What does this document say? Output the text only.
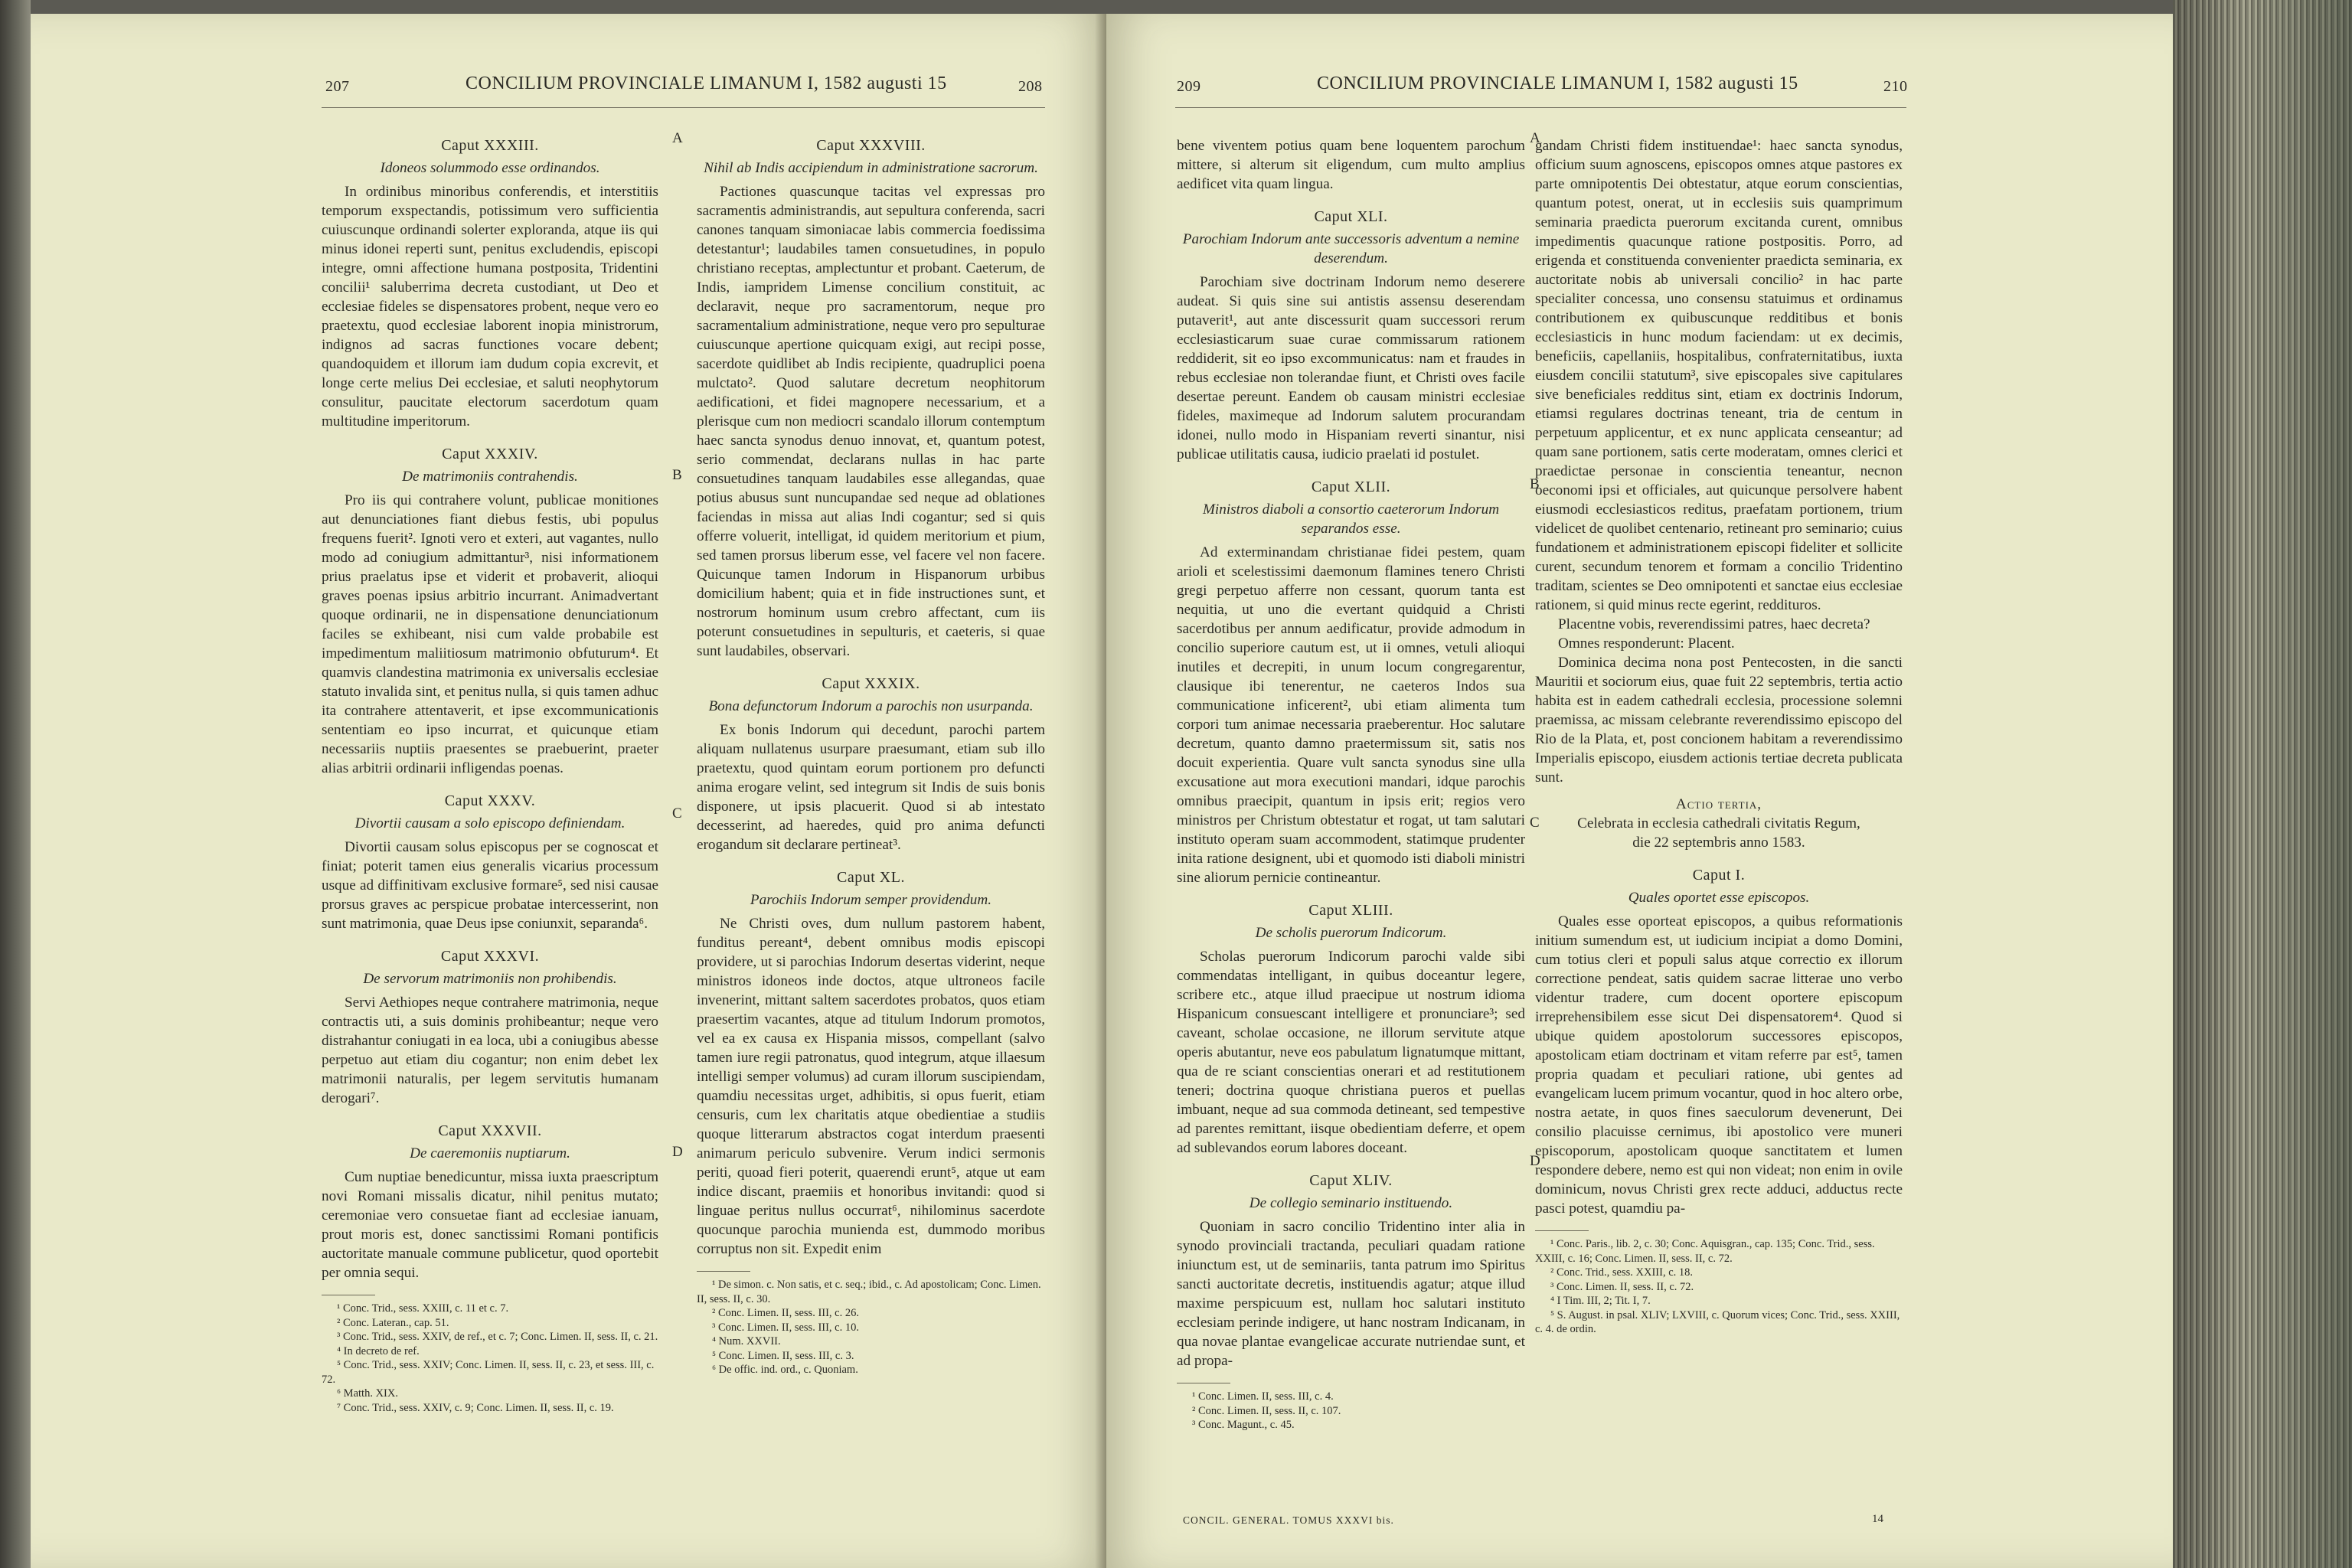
207	CONCILIUM PROVINCIALE LIMANUM I, 1582 augusti 15	208
A
B
C
D
Caput XXXIII.
Idoneos solummodo esse ordinandos.

In ordinibus minoribus conferendis, et interstitiis temporum exspectandis, potissimum vero sufficientia cuiuscunque ordinandi solerter exploranda, atque iis qui minus idonei reperti sunt, penitus excludendis, episcopi integre, omni affectione humana postposita, Tridentini concilii¹ saluberrima decreta custodiant, ut Deo et ecclesiae fideles se dispensatores probent, neque vero eo praetextu, quod ecclesiae laborent inopia ministrorum, indignos ad sacras functiones vocare debent; quandoquidem et illorum iam dudum copia excrevit, et longe certe melius Dei ecclesiae, et saluti neophytorum consulitur, paucitate electorum sacerdotum quam multitudine imperitorum.

Caput XXXIV.
De matrimoniis contrahendis.

Pro iis qui contrahere volunt, publicae monitiones aut denunciationes fiant diebus festis, ubi populus frequens fuerit². Ignoti vero et exteri, aut vagantes, nullo modo ad coniugium admittantur³, nisi informationem prius praelatus ipse et viderit et probaverit, alioqui graves poenas ipsius arbitrio incurrant. Animadvertant quoque ordinarii, ne in dispensatione denunciationum faciles se exhibeant, nisi cum valde probabile est impedimentum maliitiosum matrimonio obfuturum⁴. Et quamvis clandestina matrimonia ex universalis ecclesiae statuto invalida sint, et penitus nulla, si quis tamen adhuc ita contrahere attentaverit, et ipse excommunicationis sententiam eo ipso incurrat, et quicunque etiam necessariis nuptiis praesentes se praebuerint, praeter alias arbitrii ordinarii infligendas poenas.

Caput XXXV.
Divortii causam a solo episcopo definiendam.

Divortii causam solus episcopus per se cognoscat et finiat; poterit tamen eius generalis vicarius processum usque ad diffinitivam exclusive formare⁵, sed nisi causae prorsus graves ac perspicue probatae intercesserint, non sunt matrimonia, quae Deus ipse coniunxit, separanda⁶.

Caput XXXVI.
De servorum matrimoniis non prohibendis.

Servi Aethiopes neque contrahere matrimonia, neque contractis uti, a suis dominis prohibeantur; neque vero distrahantur coniugati in ea loca, ubi a coniugibus abesse perpetuo aut etiam diu cogantur; non enim debet lex matrimonii naturalis, per legem servitutis humanam derogari⁷.

Caput XXXVII.
De caeremoniis nuptiarum.

Cum nuptiae benedicuntur, missa iuxta praescriptum novi Romani missalis dicatur, nihil penitus mutato; ceremoniae vero consuetae fiant ad ecclesiae ianuam, prout moris est, donec sanctissimi Romani pontificis auctoritate manuale commune publicetur, quod oportebit per omnia sequi.

¹ Conc. Trid., sess. XXIII, c. 11 et c. 7.

² Conc. Lateran., cap. 51.

³ Conc. Trid., sess. XXIV, de ref., et c. 7; Conc. Limen. II, sess. II, c. 21.

⁴ In decreto de ref.

⁵ Conc. Trid., sess. XXIV; Conc. Limen. II, sess. II, c. 23, et sess. III, c. 72.

⁶ Matth. XIX.

⁷ Conc. Trid., sess. XXIV, c. 9; Conc. Limen. II, sess. II, c. 19.

Caput XXXVIII.
Nihil ab Indis accipiendum in administratione sacrorum.

Pactiones quascunque tacitas vel expressas pro sacramentis administrandis, aut sepultura conferenda, sacri canones tanquam simoniacae labis commercia foedissima detestantur¹; laudabiles tamen consuetudines, in populo christiano receptas, amplectuntur et probant. Caeterum, de Indis, iampridem Limense concilium constituit, ac declaravit, neque pro sacramentorum, neque pro sacramentalium administratione, neque vero pro sepulturae cuiuscunque apertione quicquam exigi, aut recipi posse, sacerdote quidlibet ab Indis recipiente, quadruplici poena mulctato². Quod salutare decretum neophitorum aedificationi, et fidei magnopere necessarium, et a plerisque cum non mediocri scandalo illorum contemptum haec sancta synodus denuo innovat, et, quantum potest, serio commendat, declarans nullas in hac parte consuetudines tanquam laudabiles esse allegandas, quae potius abusus sunt nuncupandae sed neque ad oblationes faciendas in missa aut alias Indi cogantur; sed si quis offerre voluerit, intelligat, id quidem meritorium et pium, sed tamen prorsus liberum esse, vel facere vel non facere. Quicunque tamen Indorum in Hispanorum urbibus domicilium habent; quia et in fide instructiones sunt, et nostrorum hominum usum crebro affectant, cum iis poterunt consuetudines in sepulturis, et caeteris, si quae sunt laudabiles, observari.

Caput XXXIX.
Bona defunctorum Indorum a parochis non usurpanda.

Ex bonis Indorum qui decedunt, parochi partem aliquam nullatenus usurpare praesumant, etiam sub illo praetextu, quod quintam eorum portionem pro defuncti anima erogare velint, sed integrum sit Indis de suis bonis disponere, ut ipsis placuerit. Quod si ab intestato decesserint, ad haeredes, quid pro anima defuncti erogandum sit declarare pertineat³.

Caput XL.
Parochiis Indorum semper providendum.

Ne Christi oves, dum nullum pastorem habent, funditus pereant⁴, debent omnibus modis episcopi providere, ut si parochias Indorum desertas viderint, neque ministros idoneos inde doctos, atque ultroneos facile invenerint, mittant saltem sacerdotes probatos, quos etiam praesertim vacantes, atque ad titulum Indorum promotos, vel ea ex causa ex Hispania missos, compellant (salvo tamen iure regii patronatus, quod integrum, atque illaesum intelligi semper volumus) ad curam illorum suscipiendam, quamdiu necessitas urget, adhibitis, si opus fuerit, etiam censuris, cum lex charitatis atque obedientiae a studiis quoque litterarum abstractos cogat interdum praesenti animarum periculo subvenire. Verum indici sermonis periti, quoad fieri poterit, quaerendi erunt⁵, atque ut eam indice discant, praemiis et honoribus invitandi: quod si linguae peritus nullus occurrat⁶, nihilominus sacerdote quocunque parochia munienda est, dummodo moribus corruptus non sit. Expedit enim

¹ De simon. c. Non satis, et c. seq.; ibid., c. Ad apostolicam; Conc. Limen. II, sess. II, c. 30.

² Conc. Limen. II, sess. III, c. 26.

³ Conc. Limen. II, sess. III, c. 10.

⁴ Num. XXVII.

⁵ Conc. Limen. II, sess. III, c. 3.

⁶ De offic. ind. ord., c. Quoniam.

209	CONCILIUM PROVINCIALE LIMANUM I, 1582 augusti 15	210
A
B
C
D

bene viventem potius quam bene loquentem parochum mittere, si alterum sit eligendum, cum multo amplius aedificet vita quam lingua.

Caput XLI.
Parochiam Indorum ante successoris adventum a nemine deserendum.

Parochiam sive doctrinam Indorum nemo deserere audeat. Si quis sine sui antistis assensu deserendam putaverit¹, aut ante discessurit quam successori rerum ecclesiasticarum suae curae commissarum rationem reddiderit, sit eo ipso excommunicatus: nam et fraudes in rebus ecclesiae non tolerandae fiunt, et Christi oves facile desertae pereunt. Eandem ob causam ministri ecclesiae fideles, maximeque ad Indorum salutem procurandam idonei, nullo modo in Hispaniam reverti sinantur, nisi publicae utilitatis causa, iudicio praelati id postulet.

Caput XLII.
Ministros diaboli a consortio caeterorum Indorum separandos esse.

Ad exterminandam christianae fidei pestem, quam arioli et scelestissimi daemonum flamines tenero Christi gregi perpetuo afferre non cessant, quorum tanta est nequitia, ut uno die evertant quidquid a Christi sacerdotibus per annum aedificatur, provide admodum in concilio superiore cautum est, ut ii omnes, vetuli alioqui inutiles et decrepiti, in unum locum congregarentur, clausique ibi tenerentur, ne caeteros Indos sua communicatione inficerent², ubi etiam alimenta tum corpori tum animae necessaria praeberentur. Hoc salutare decretum, quanto damno praetermissum sit, satis nos docuit experientia. Quare vult sancta synodus sine ulla excusatione aut mora executioni mandari, idque parochis omnibus praecipit, quantum in ipsis erit; regios vero ministros per Christum obtestatur et rogat, ut tam salutari instituto operam suam accommodent, statimque prudenter inita ratione designent, ubi et quomodo isti diaboli ministri sine aliorum pernicie contineantur.

Caput XLIII.
De scholis puerorum Indicorum.

Scholas puerorum Indicorum parochi valde sibi commendatas intelligant, in quibus doceantur legere, scribere etc., atque illud praecipue ut nostrum idioma Hispanicum consuescant intelligere et pronunciare³; sed caveant, scholae occasione, ne illorum servitute atque operis abutantur, neve eos pabulatum lignatumque mittant, qua de re sciant conscientias onerari et ad restitutionem teneri; doctrina quoque christiana pueros et puellas imbuant, neque ad sua commoda detineant, sed tempestive ad parentes remittant, iisque obedientiam deferre, et opem ad sublevandos eorum labores doceant.

Caput XLIV.
De collegio seminario instituendo.

Quoniam in sacro concilio Tridentino inter alia in synodo provinciali tractanda, peculiari quadam ratione iniunctum est, ut de seminariis, tanta patrum imo Spiritus sancti auctoritate decretis, instituendis agatur; atque illud maxime perspicuum est, nullam hoc salutari instituto ecclesiam perinde indigere, ut hanc nostram Indicanam, in qua novae plantae evangelicae accurate nutriendae sunt, et ad propa-

¹ Conc. Limen. II, sess. III, c. 4.

² Conc. Limen. II, sess. II, c. 107.

³ Conc. Magunt., c. 45.

CONCIL. GENERAL. TOMUS XXXVI bis.

gandam Christi fidem instituendae¹: haec sancta synodus, officium suum agnoscens, episcopos omnes atque pastores ex parte omnipotentis Dei obtestatur, atque eorum conscientias, quantum potest, onerat, ut in ecclesiis suis quamprimum seminaria praedicta puerorum excitanda curent, omnibus impedimentis quacunque ratione postpositis. Porro, ad erigenda et constituenda convenienter praedicta seminaria, ex auctoritate nobis ab universali concilio² in hac parte specialiter concessa, uno consensu statuimus et ordinamus contributionem ex quibuscunque redditibus et bonis ecclesiasticis in hunc modum faciendam: ut ex decimis, beneficiis, capellaniis, hospitalibus, confraternitatibus, iuxta eiusdem concilii statutum³, sive episcopales sive capitulares sive beneficiales redditus sint, etiam ex doctrinis Indorum, etiamsi regulares doctrinas teneant, tria de centum in perpetuum applicentur, et ex nunc applicata censeantur; ad quam sane portionem, satis certe moderatam, omnes clerici et praedictae personae in conscientia teneantur, necnon oeconomi ipsi et officiales, aut quicunque persolvere habent eiusmodi ecclesiasticos reditus, praefatam portionem, trium videlicet de quolibet centenario, retineant pro seminario; cuius fundationem et administrationem episcopi fideliter et sollicite curent, secundum tenorem et formam a concilio Tridentino traditam, scientes se Deo omnipotenti et sanctae eius ecclesiae rationem, si quid minus recte egerint, reddituros.

Placentne vobis, reverendissimi patres, haec decreta?

Omnes responderunt: Placent.

Dominica decima nona post Pentecosten, in die sancti Mauritii et sociorum eius, quae fuit 22 septembris, tertia actio habita est in eadem cathedrali ecclesia, processione solemni praemissa, ac missam celebrante reverendissimo episcopo del Rio de la Plata, et, post concionem habitam a reverendissimo Imperialis episcopo, eiusdem actionis tertiae decreta publicata sunt.

Actio tertia,
Celebrata in ecclesia cathedrali civitatis Regum,
die 22 septembris anno 1583.
Caput I.
Quales oportet esse episcopos.

Quales esse oporteat episcopos, a quibus reformationis initium sumendum est, ut iudicium incipiat a domo Domini, cum totius cleri et populi salus atque correctio ex illorum correctione pendeat, satis quidem sacrae litterae uno verbo videntur tradere, cum docent oportere episcopum irreprehensibilem esse sicut Dei dispensatorem⁴. Quod si ubique quidem apostolorum successores episcopos, apostolicam etiam doctrinam et vitam referre par est⁵, tamen propria quadam et peculiari ratione, ubi gentes ad evangelicam lucem primum vocantur, quod in hoc altero orbe, nostra aetate, in quos fines saeculorum devenerunt, Dei consilio placuisse cernimus, ibi apostolico vere muneri episcoporum, apostolicam quoque sanctitatem et lumen respondere debere, nemo est qui non videat; non enim in ovile dominicum, novus Christi grex recte adduci, adductus recte pasci potest, quamdiu pa-

¹ Conc. Paris., lib. 2, c. 30; Conc. Aquisgran., cap. 135; Conc. Trid., sess. XXIII, c. 16; Conc. Limen. II, sess. II, c. 72.

² Conc. Trid., sess. XXIII, c. 18.

³ Conc. Limen. II, sess. II, c. 72.

⁴ I Tim. III, 2; Tit. I, 7.

⁵ S. August. in psal. XLIV; LXVIII, c. Quorum vices; Conc. Trid., sess. XXIII, c. 4. de ordin.

14
